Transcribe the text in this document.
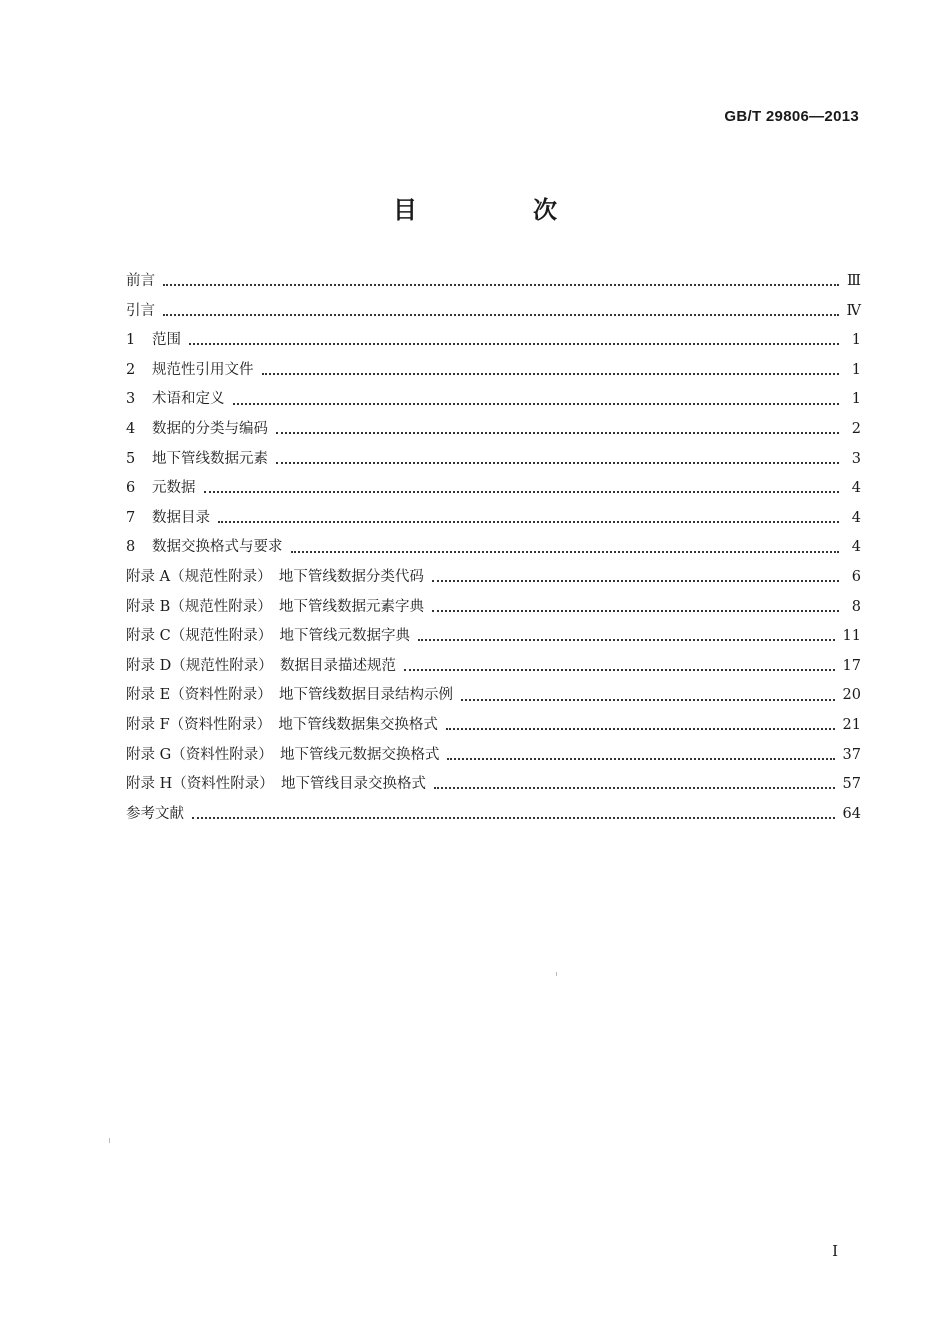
GB/T 29806—2013
目　次
前言	Ⅲ
引言	Ⅳ
1	范围	1
2	规范性引用文件	1
3	术语和定义	1
4	数据的分类与编码	2
5	地下管线数据元素	3
6	元数据	4
7	数据目录	4
8	数据交换格式与要求	4
附录 A（规范性附录）　地下管线数据分类代码	6
附录 B（规范性附录）　地下管线数据元素字典	8
附录 C（规范性附录）　地下管线元数据字典	11
附录 D（规范性附录）　数据目录描述规范	17
附录 E（资料性附录）　地下管线数据目录结构示例	20
附录 F（资料性附录）　地下管线数据集交换格式	21
附录 G（资料性附录）　地下管线元数据交换格式	37
附录 H（资料性附录）　地下管线目录交换格式	57
参考文献	64
I
